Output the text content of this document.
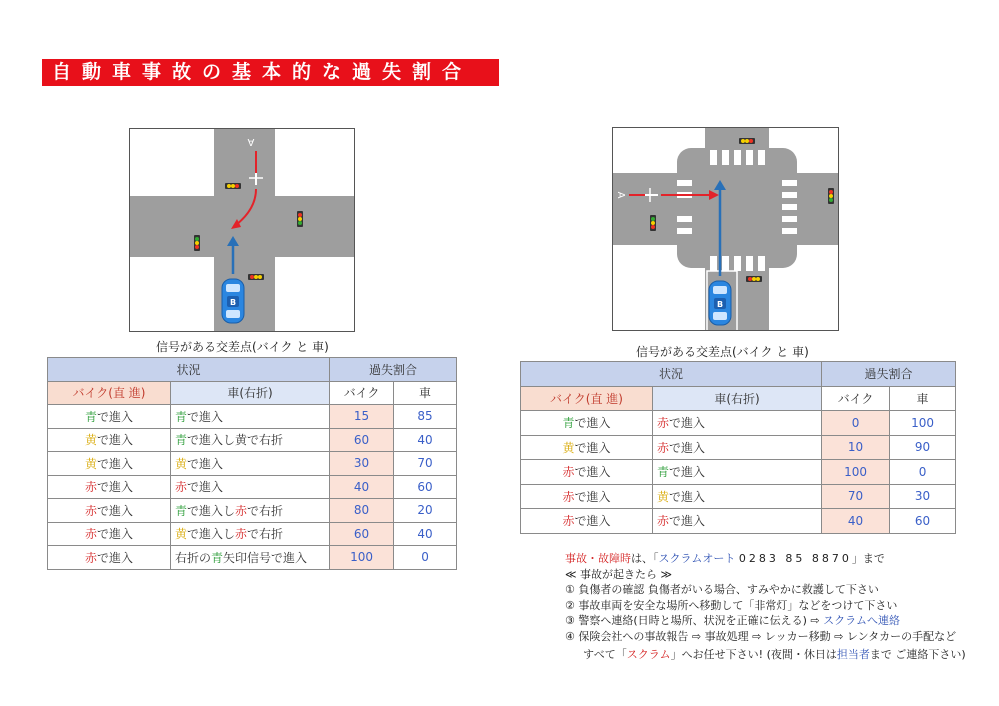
自動車事故の基本的な過失割合
A
B
信号がある交差点(バイク と 車)
A
B
信号がある交差点(バイク と 車)
状況		過失割合	
バイク(直 進)	車(右折)	バイク	車
青で進入	青で進入	15	85
黄で進入	青で進入し黄で右折	60	40
黄で進入	黄で進入	30	70
赤で進入	赤で進入	40	60
赤で進入	青で進入し赤で右折	80	20
赤で進入	黄で進入し赤で右折	60	40
赤で進入	右折の青矢印信号で進入	100	0
状況		過失割合	
バイク(直 進)	車(右折)	バイク	車
青で進入	赤で進入	0	100
黄で進入	赤で進入	10	90
赤で進入	青で進入	100	0
赤で進入	黄で進入	70	30
赤で進入	赤で進入	40	60
事故・故障時は、「スクラムオート 0283 85 8870」まで
≪ 事故が起きたら ≫
① 負傷者の確認 負傷者がいる場合、すみやかに救護して下さい
② 事故車両を安全な場所へ移動して「非常灯」などをつけて下さい
③ 警察へ連絡(日時と場所、状況を正確に伝える) ⇨ スクラムへ連絡
④ 保険会社への事故報告 ⇨ 事故処理 ⇨ レッカー移動 ⇨ レンタカーの手配など
すべて「スクラム」へお任せ下さい! (夜間・休日は担当者まで ご連絡下さい)
